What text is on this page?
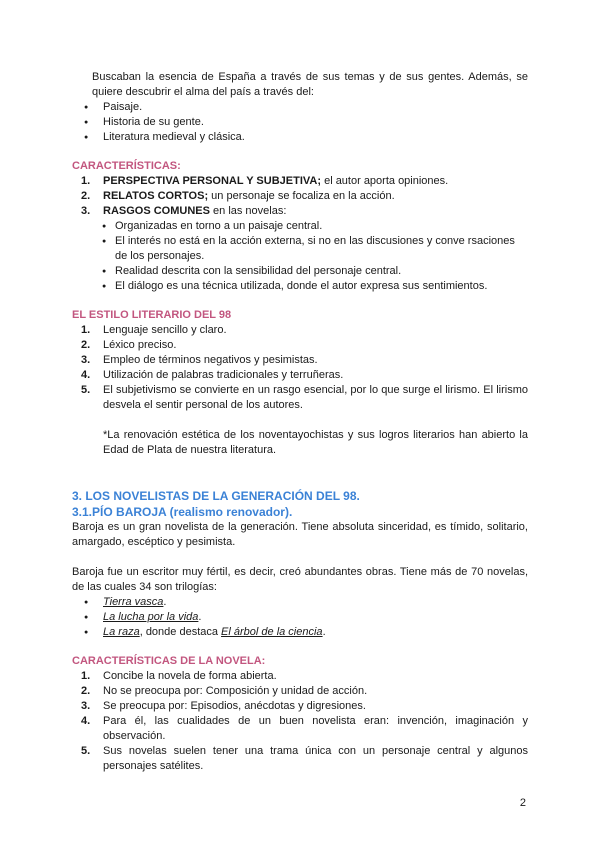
Buscaban la esencia de España a través de sus temas y de sus gentes. Además, se quiere descubrir el alma del país a través del:

● Paisaje.
● Historia de su gente.
● Literatura medieval y clásica.

CARACTERÍSTICAS:

1. PERSPECTIVA PERSONAL Y SUBJETIVA; el autor aporta opiniones.
2. RELATOS CORTOS; un personaje se focaliza en la acción.
3. RASGOS COMUNES en las novelas:
● Organizadas en torno a un paisaje central.
● El interés no está en la acción externa, si no en las discusiones y conve rsaciones de los personajes.
● Realidad descrita con la sensibilidad del personaje central.
● El diálogo es una técnica utilizada, donde el autor expresa sus sentimientos.

EL ESTILO LITERARIO DEL 98

1. Lenguaje sencillo y claro.
2. Léxico preciso.
3. Empleo de términos negativos y pesimistas.
4. Utilización de palabras tradicionales y terruñeras.
5. El subjetivismo se convierte en un rasgo esencial, por lo que surge el lirismo. El lirismo desvela el sentir personal de los autores.

*La renovación estética de los noventayochistas y sus logros literarios han abierto la Edad de Plata de nuestra literatura.

3. LOS NOVELISTAS DE LA GENERACIÓN DEL 98.

3.1.PÍO BAROJA (realismo renovador).

Baroja es un gran novelista de la generación. Tiene absoluta sinceridad, es tímido, solitario, amargado, escéptico y pesimista.

Baroja fue un escritor muy fértil, es decir, creó abundantes obras. Tiene más de 70 novelas, de las cuales 34 son trilogías:

● Tierra vasca.
● La lucha por la vida.
● La raza, donde destaca El árbol de la ciencia.

CARACTERÍSTICAS DE LA NOVELA:

1. Concibe la novela de forma abierta.
2. No se preocupa por: Composición y unidad de acción.
3. Se preocupa por: Episodios, anécdotas y digresiones.
4. Para él, las cualidades de un buen novelista eran: invención, imaginación y observación.
5. Sus novelas suelen tener una trama única con un personaje central y algunos personajes satélites.
2
